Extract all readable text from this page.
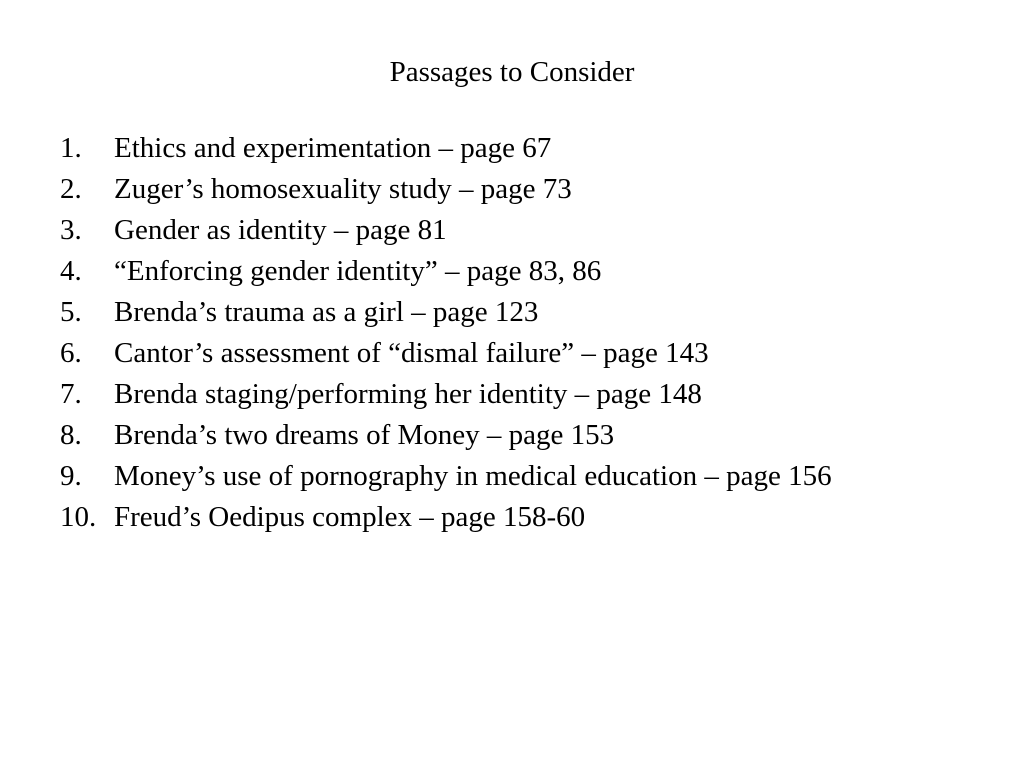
Passages to Consider
1.	Ethics and experimentation – page 67
2.	Zuger’s homosexuality study – page 73
3.	Gender as identity – page 81
4.	“Enforcing gender identity” – page 83, 86
5.	Brenda’s trauma as a girl – page 123
6.	Cantor’s assessment of “dismal failure” – page 143
7.	Brenda staging/performing her identity – page 148
8.	Brenda’s two dreams of Money – page 153
9.	Money’s use of pornography in medical education – page 156
10. Freud’s Oedipus complex – page 158-60
